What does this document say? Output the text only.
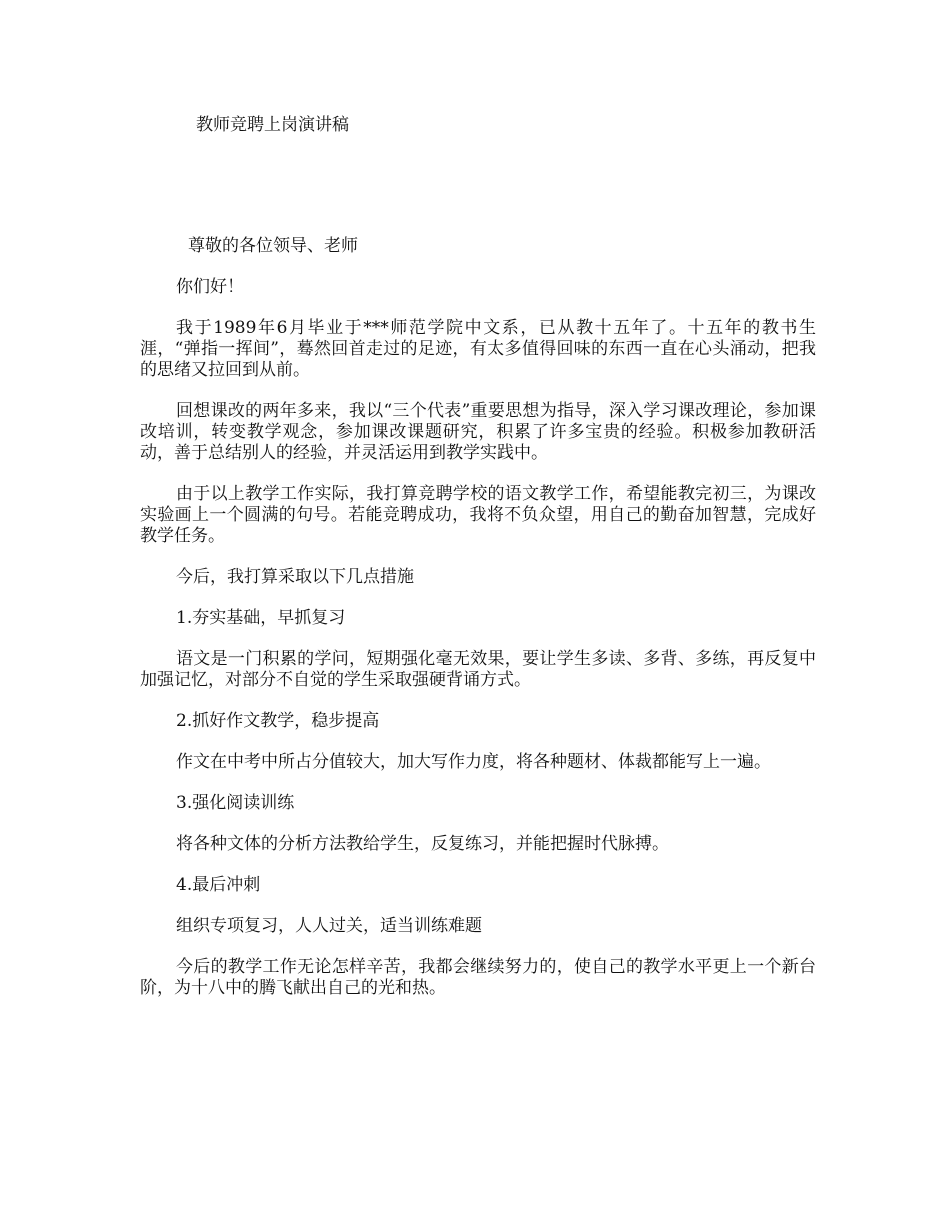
教师竞聘上岗演讲稿

尊敬的各位领导、老师

你们好！

我于1989年6月毕业于***师范学院中文系，已从教十五年了。十五年的教书生涯，“弹指一挥间”，蓦然回首走过的足迹，有太多值得回味的东西一直在心头涌动，把我的思绪又拉回到从前。

回想课改的两年多来，我以“三个代表”重要思想为指导，深入学习课改理论，参加课改培训，转变教学观念，参加课改课题研究，积累了许多宝贵的经验。积极参加教研活动，善于总结别人的经验，并灵活运用到教学实践中。

由于以上教学工作实际，我打算竞聘学校的语文教学工作，希望能教完初三，为课改实验画上一个圆满的句号。若能竞聘成功，我将不负众望，用自己的勤奋加智慧，完成好教学任务。

今后，我打算采取以下几点措施

1.夯实基础，早抓复习

语文是一门积累的学问，短期强化毫无效果，要让学生多读、多背、多练，再反复中加强记忆，对部分不自觉的学生采取强硬背诵方式。

2.抓好作文教学，稳步提高

作文在中考中所占分值较大，加大写作力度，将各种题材、体裁都能写上一遍。

3.强化阅读训练

将各种文体的分析方法教给学生，反复练习，并能把握时代脉搏。

4.最后冲刺

组织专项复习，人人过关，适当训练难题

今后的教学工作无论怎样辛苦，我都会继续努力的，使自己的教学水平更上一个新台阶，为十八中的腾飞献出自己的光和热。
